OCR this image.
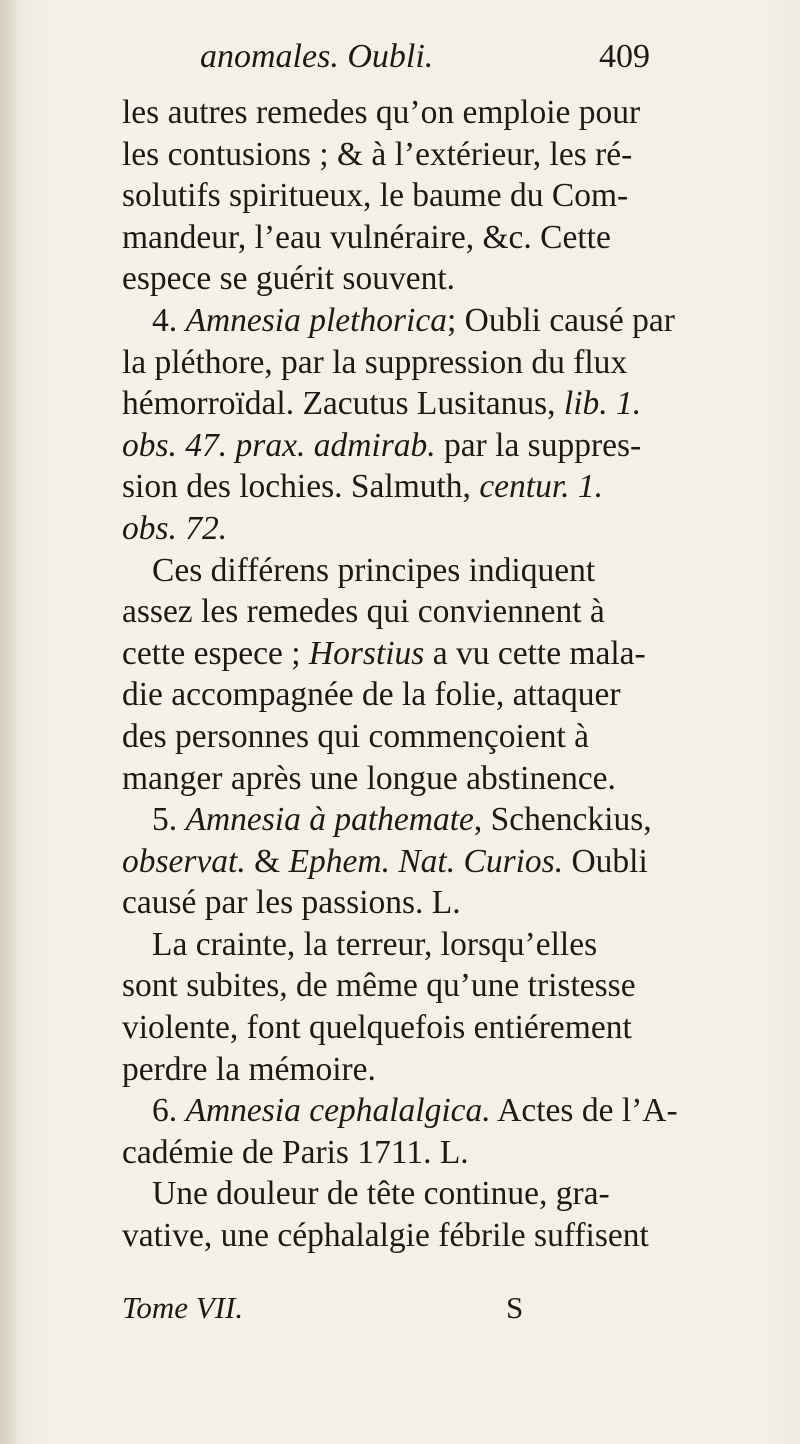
anomales. Oubli.	409
les autres remedes qu’on emploie pour
les contusions ; & à l’extérieur, les ré-
solutifs spiritueux, le baume du Com-
mandeur, l’eau vulnéraire, &c. Cette
espece se guérit souvent.
4. Amnesia plethorica; Oubli causé par
la pléthore, par la suppression du flux
hémorroïdal. Zacutus Lusitanus, lib. 1.
obs. 47. prax. admirab. par la suppres-
sion des lochies. Salmuth, centur. 1.
obs. 72.
Ces différens principes indiquent
assez les remedes qui conviennent à
cette espece ; Horstius a vu cette mala-
die accompagnée de la folie, attaquer
des personnes qui commençoient à
manger après une longue abstinence.
5. Amnesia à pathemate, Schenckius,
observat. & Ephem. Nat. Curios. Oubli
causé par les passions. L.
La crainte, la terreur, lorsqu’elles
sont subites, de même qu’une tristesse
violente, font quelquefois entiérement
perdre la mémoire.
6. Amnesia cephalalgica. Actes de l’A-
cadémie de Paris 1711. L.
Une douleur de tête continue, gra-
vative, une céphalalgie fébrile suffisent
Tome VII.	S
